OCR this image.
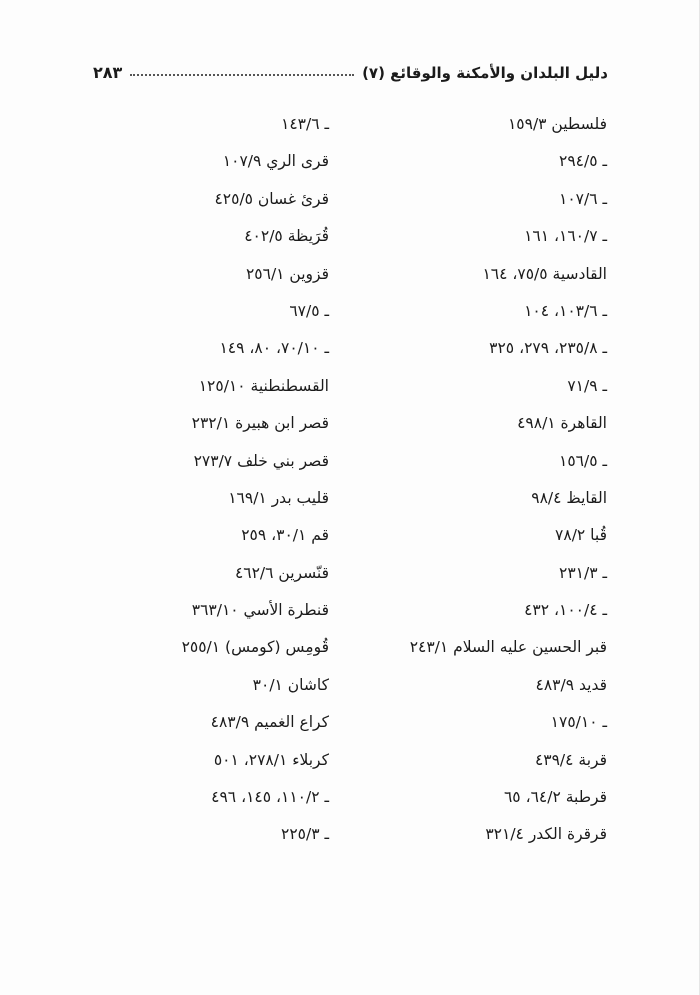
٢٨٣	دليل البلدان والأمكنة والوقائع (٧)
فلسطين ١٥٩/٣
ـ ٢٩٤/٥
ـ ١٠٧/٦
ـ ١٦٠/٧، ١٦١
القادسية ٧٥/٥، ١٦٤
ـ ١٠٣/٦، ١٠٤
ـ ٢٣٥/٨، ٢٧٩، ٣٢٥
ـ ٧١/٩
القاهرة ٤٩٨/١
ـ ١٥٦/٥
القايظ ٩٨/٤
قُبا ٧٨/٢
ـ ٢٣١/٣
ـ ١٠٠/٤، ٤٣٢
قبر الحسين عليه السلام ٢٤٣/١
قديد ٤٨٣/٩
ـ ١٧٥/١٠
قربة ٤٣٩/٤
قرطبة ٦٤/٢، ٦٥
قرقرة الكدر ٣٢١/٤
ـ ١٤٣/٦
قرى الري ١٠٧/٩
قرئ غسان ٤٢٥/٥
قُرَيظة ٤٠٢/٥
قزوين ٢٥٦/١
ـ ٦٧/٥
ـ ٧٠/١٠، ٨٠، ١٤٩
القسطنطنية ١٢٥/١٠
قصر ابن هبيرة ٢٣٢/١
قصر بني خلف ٢٧٣/٧
قليب بدر ١٦٩/١
قم ٣٠/١، ٢٥٩
قنّسرين ٤٦٢/٦
قنطرة الأسي ٣٦٣/١٠
قُومِس (كومس) ٢٥٥/١
كاشان ٣٠/١
كراع الغميم ٤٨٣/٩
كربلاء ٢٧٨/١، ٥٠١
ـ ١١٠/٢، ١٤٥، ٤٩٦
ـ ٢٢٥/٣
